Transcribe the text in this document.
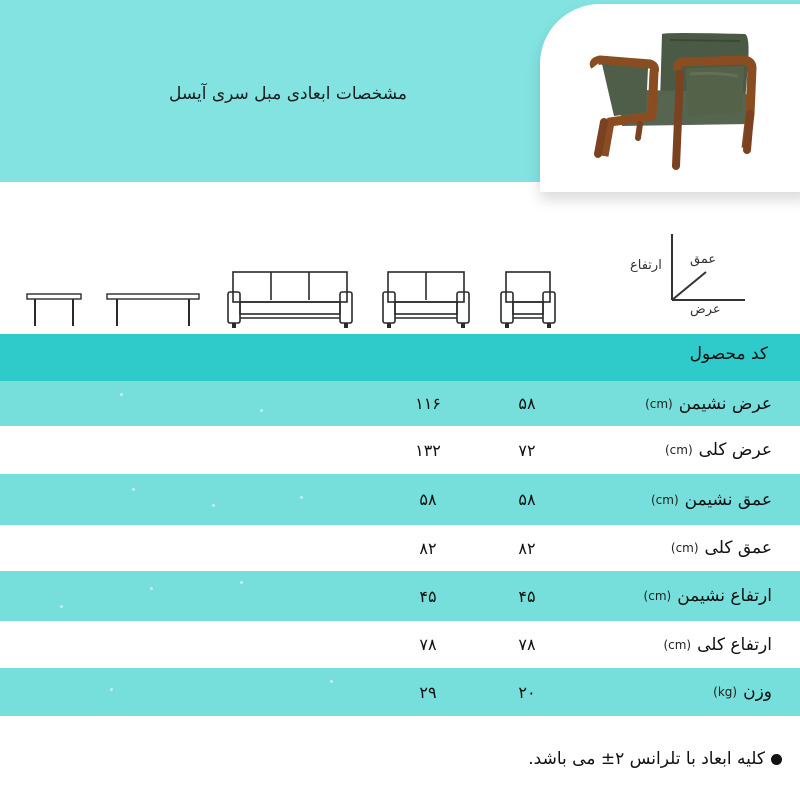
مشخصات ابعادی مبل سری آیسل
ارتفاع عمق
عرض
کد محصول
عرض نشیمن
(cm)
۵۸
۱۱۶
عرض کلی
(cm)
۷۲
۱۳۲
عمق نشیمن
(cm)
۵۸
۵۸
عمق کلی
(cm)
۸۲
۸۲
ارتفاع نشیمن
(cm)
۴۵
۴۵
ارتفاع کلی
(cm)
۷۸
۷۸
وزن
(kg)
۲۰
۲۹
کلیه ابعاد با تلرانس ۲± می باشد.
